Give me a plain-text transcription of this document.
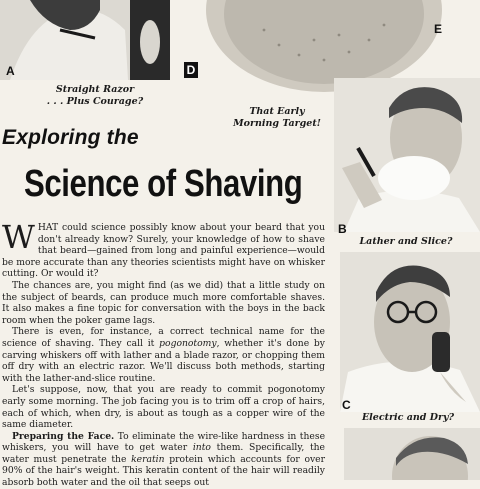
A	D
E
Straight Razor
. . . Plus Courage?
That Early
Morning Target!
Exploring the
Science of Shaving
B
Lather and Slice?
C
Electric and Dry?

WHAT could science possibly know about your beard that you don't already know? Surely, your knowledge of how to shave that beard—gained from long and painful experience—would be more accurate than any theories scientists might have on whisker cutting. Or would it?

The chances are, you might find (as we did) that a little study on the subject of beards, can produce much more comfortable shaves. It also makes a fine topic for conversation with the boys in the back room when the poker game lags.

There is even, for instance, a correct technical name for the science of shaving. They call it pogonotomy, whether it's done by carving whiskers off with lather and a blade razor, or chopping them off dry with an electric razor. We'll discuss both methods, starting with the lather-and-slice routine.

Let's suppose, now, that you are ready to commit pogonotomy early some morning. The job facing you is to trim off a crop of hairs, each of which, when dry, is about as tough as a copper wire of the same diameter.

Preparing the Face. To eliminate the wire-like hardness in these whiskers, you will have to get water into them. Specifically, the water must penetrate the keratin protein which accounts for over 90% of the hair's weight. This keratin content of the hair will readily absorb both water and the oil that seeps out
